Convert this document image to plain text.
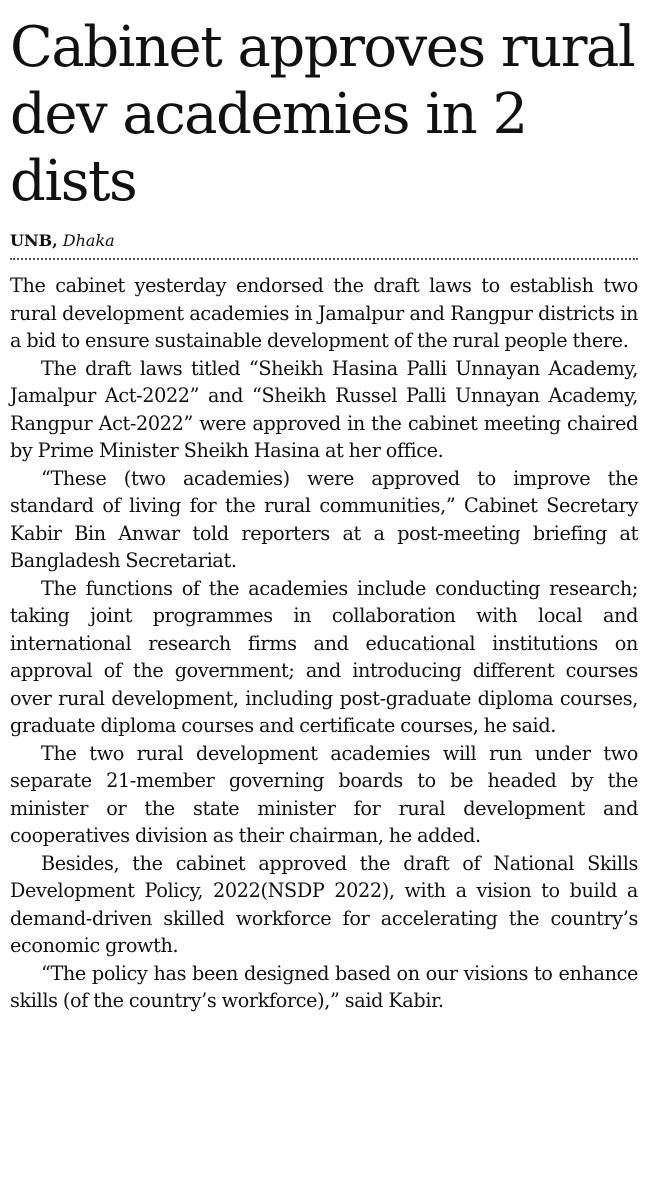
Cabinet approves rural dev academies in 2 dists
UNB, Dhaka

The cabinet yesterday endorsed the draft laws to establish two rural development academies in Jamalpur and Rangpur districts in a bid to ensure sustainable development of the rural people there.

The draft laws titled “Sheikh Hasina Palli Unnayan Academy, Jamalpur Act-2022” and “Sheikh Russel Palli Unnayan Academy, Rangpur Act-2022” were approved in the cabinet meeting chaired by Prime Minister Sheikh Hasina at her office.

“These (two academies) were approved to improve the standard of living for the rural communities,” Cabinet Secretary Kabir Bin Anwar told reporters at a post-meeting briefing at Bangladesh Secretariat.

The functions of the academies include conducting research; taking joint programmes in collaboration with local and international research firms and educational institutions on approval of the government; and introducing different courses over rural development, including post-graduate diploma courses, graduate diploma courses and certificate courses, he said.

The two rural development academies will run under two separate 21-member governing boards to be headed by the minister or the state minister for rural development and cooperatives division as their chairman, he added.

Besides, the cabinet approved the draft of National Skills Development Policy, 2022(NSDP 2022), with a vision to build a demand-driven skilled workforce for accelerating the country’s economic growth.

“The policy has been designed based on our visions to enhance skills (of the country’s workforce),” said Kabir.
